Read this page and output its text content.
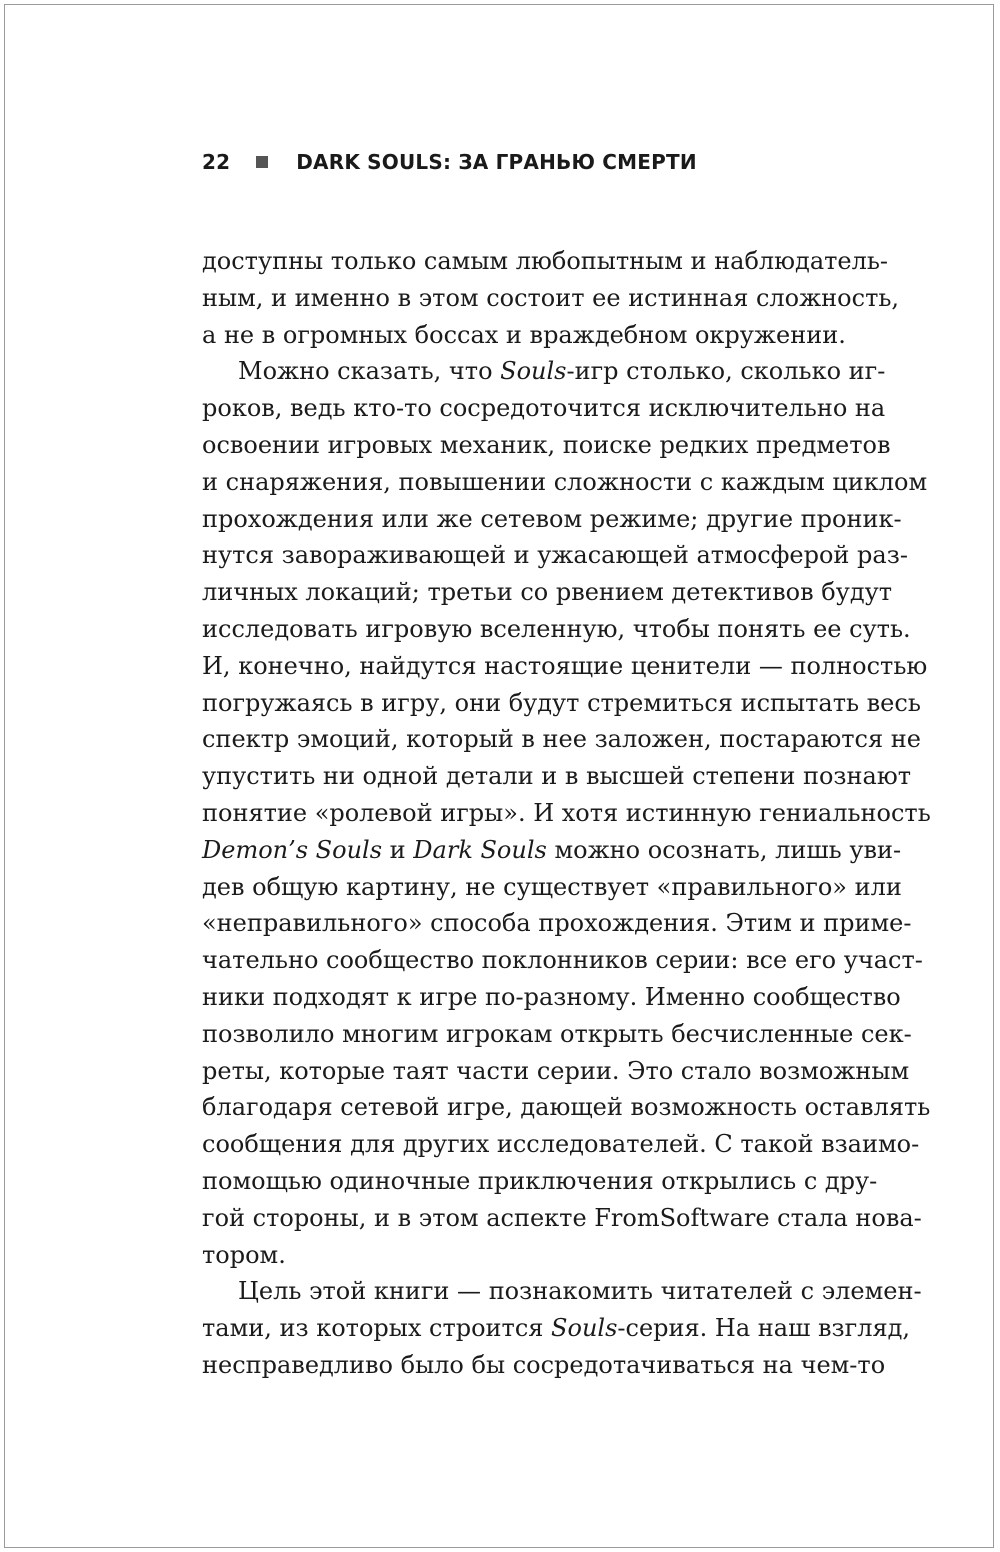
22	DARK SOULS: ЗА ГРАНЬЮ СМЕРТИ
доступны только самым любопытным и наблюдатель-
ным, и именно в этом состоит ее истинная сложность,
а не в огромных боссах и враждебном окружении.
Можно сказать, что Souls-игр столько, сколько иг-
роков, ведь кто-то сосредоточится исключительно на
освоении игровых механик, поиске редких предметов
и снаряжения, повышении сложности с каждым циклом
прохождения или же сетевом режиме; другие проник-
нутся завораживающей и ужасающей атмосферой раз-
личных локаций; третьи со рвением детективов будут
исследовать игровую вселенную, чтобы понять ее суть.
И, конечно, найдутся настоящие ценители — полностью
погружаясь в игру, они будут стремиться испытать весь
спектр эмоций, который в нее заложен, постараются не
упустить ни одной детали и в высшей степени познают
понятие «ролевой игры». И хотя истинную гениальность
Demon’s Souls и Dark Souls можно осознать, лишь уви-
дев общую картину, не существует «правильного» или
«неправильного» способа прохождения. Этим и приме-
чательно сообщество поклонников серии: все его участ-
ники подходят к игре по-разному. Именно сообщество
позволило многим игрокам открыть бесчисленные сек-
реты, которые таят части серии. Это стало возможным
благодаря сетевой игре, дающей возможность оставлять
сообщения для других исследователей. С такой взаимо-
помощью одиночные приключения открылись с дру-
гой стороны, и в этом аспекте FromSoftware стала нова-
тором.
Цель этой книги — познакомить читателей с элемен-
тами, из которых строится Souls-серия. На наш взгляд,
несправедливо было бы сосредотачиваться на чем-то
